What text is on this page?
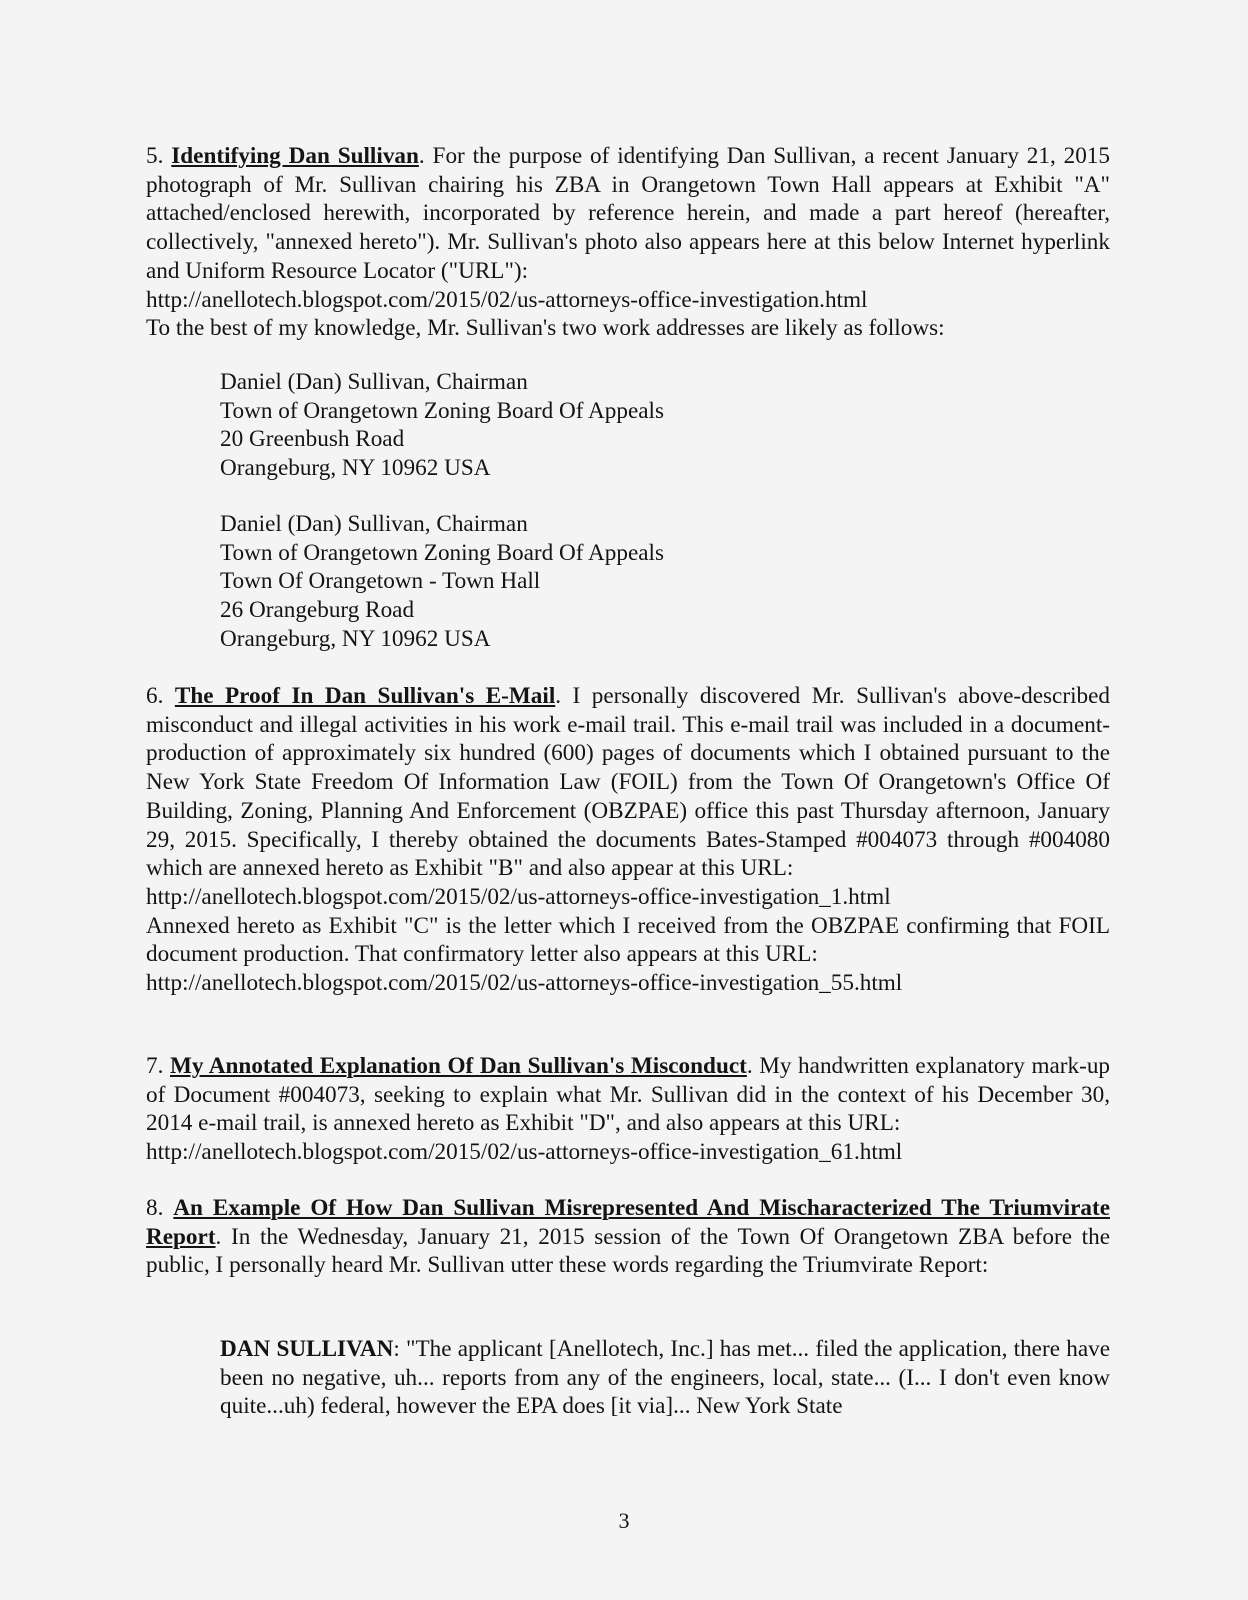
5. Identifying Dan Sullivan. For the purpose of identifying Dan Sullivan, a recent January 21, 2015 photograph of Mr. Sullivan chairing his ZBA in Orangetown Town Hall appears at Exhibit "A" attached/enclosed herewith, incorporated by reference herein, and made a part hereof (hereafter, collectively, "annexed hereto"). Mr. Sullivan's photo also appears here at this below Internet hyperlink and Uniform Resource Locator ("URL"):
http://anellotech.blogspot.com/2015/02/us-attorneys-office-investigation.html
To the best of my knowledge, Mr. Sullivan's two work addresses are likely as follows:
Daniel (Dan) Sullivan, Chairman
Town of Orangetown Zoning Board Of Appeals
20 Greenbush Road
Orangeburg, NY 10962 USA
Daniel (Dan) Sullivan, Chairman
Town of Orangetown Zoning Board Of Appeals
Town Of Orangetown - Town Hall
26 Orangeburg Road
Orangeburg, NY 10962 USA
6. The Proof In Dan Sullivan's E-Mail. I personally discovered Mr. Sullivan's above-described misconduct and illegal activities in his work e-mail trail. This e-mail trail was included in a document-production of approximately six hundred (600) pages of documents which I obtained pursuant to the New York State Freedom Of Information Law (FOIL) from the Town Of Orangetown's Office Of Building, Zoning, Planning And Enforcement (OBZPAE) office this past Thursday afternoon, January 29, 2015. Specifically, I thereby obtained the documents Bates-Stamped #004073 through #004080 which are annexed hereto as Exhibit "B" and also appear at this URL:
http://anellotech.blogspot.com/2015/02/us-attorneys-office-investigation_1.html
Annexed hereto as Exhibit "C" is the letter which I received from the OBZPAE confirming that FOIL document production. That confirmatory letter also appears at this URL:
http://anellotech.blogspot.com/2015/02/us-attorneys-office-investigation_55.html
7. My Annotated Explanation Of Dan Sullivan's Misconduct. My handwritten explanatory mark-up of Document #004073, seeking to explain what Mr. Sullivan did in the context of his December 30, 2014 e-mail trail, is annexed hereto as Exhibit "D", and also appears at this URL:
http://anellotech.blogspot.com/2015/02/us-attorneys-office-investigation_61.html
8. An Example Of How Dan Sullivan Misrepresented And Mischaracterized The Triumvirate Report. In the Wednesday, January 21, 2015 session of the Town Of Orangetown ZBA before the public, I personally heard Mr. Sullivan utter these words regarding the Triumvirate Report:
DAN SULLIVAN: "The applicant [Anellotech, Inc.] has met... filed the application, there have been no negative, uh... reports from any of the engineers, local, state... (I... I don't even know quite...uh) federal, however the EPA does [it via]... New York State
3
